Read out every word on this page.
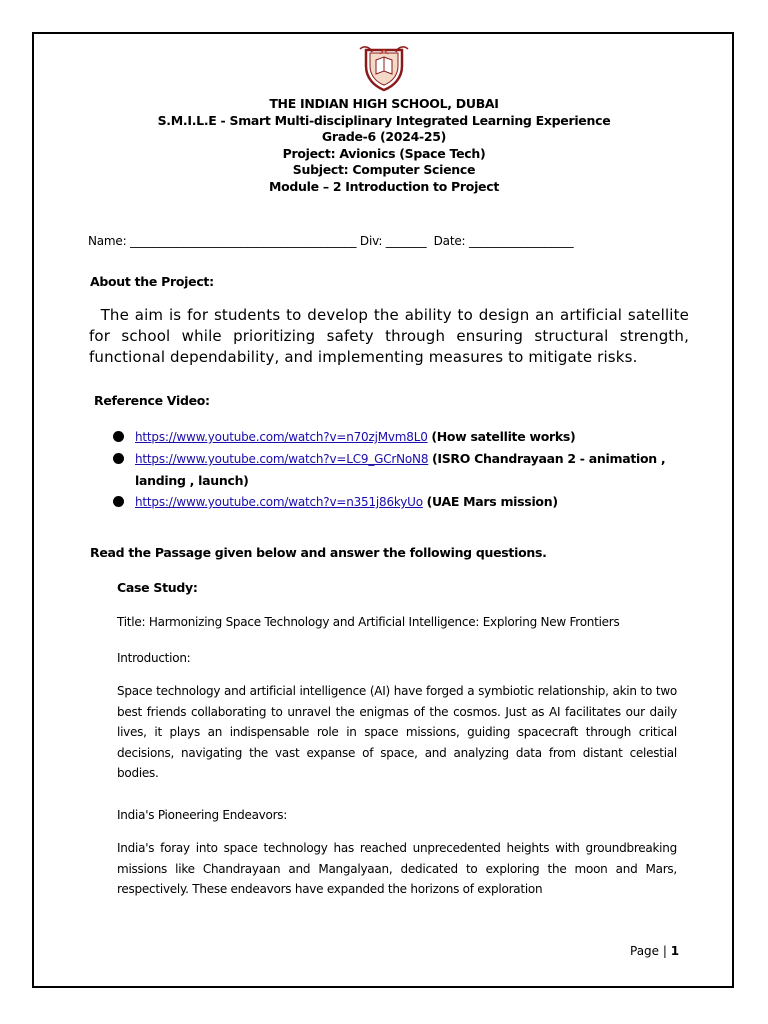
THE INDIAN HIGH SCHOOL, DUBAI
S.M.I.L.E - Smart Multi-disciplinary Integrated Learning Experience
Grade-6 (2024-25)
Project: Avionics (Space Tech)
Subject: Computer Science
Module – 2 Introduction to Project
Name: _______________________________________ Div: _______ Date: __________________
About the Project:
The aim is for students to develop the ability to design an artificial satellite for school while prioritizing safety through ensuring structural strength, functional dependability, and implementing measures to mitigate risks.
Reference Video:
https://www.youtube.com/watch?v=n70zjMvm8L0 (How satellite works)
https://www.youtube.com/watch?v=LC9_GCrNoN8 (ISRO Chandrayaan 2 - animation , landing , launch)
https://www.youtube.com/watch?v=n351j86kyUo (UAE Mars mission)
Read the Passage given below and answer the following questions.
Case Study:
Title: Harmonizing Space Technology and Artificial Intelligence: Exploring New Frontiers
Introduction:
Space technology and artificial intelligence (AI) have forged a symbiotic relationship, akin to two best friends collaborating to unravel the enigmas of the cosmos. Just as AI facilitates our daily lives, it plays an indispensable role in space missions, guiding spacecraft through critical decisions, navigating the vast expanse of space, and analyzing data from distant celestial bodies.
India's Pioneering Endeavors:
India's foray into space technology has reached unprecedented heights with groundbreaking missions like Chandrayaan and Mangalyaan, dedicated to exploring the moon and Mars, respectively. These endeavors have expanded the horizons of exploration
Page | 1
